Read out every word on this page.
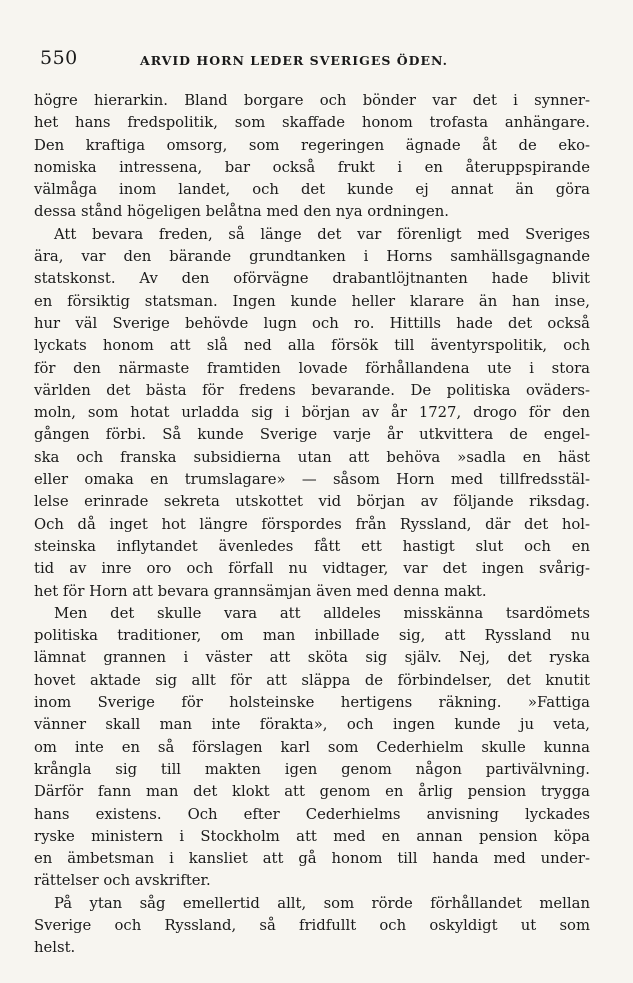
550	ARVID HORN LEDER SVERIGES ÖDEN.
högre hierarkin. Bland borgare och bönder var det i synner-
het hans fredspolitik, som skaffade honom trofasta anhängare.
Den kraftiga omsorg, som regeringen ägnade åt de eko-
nomiska intressena, bar också frukt i en återuppspirande
välmåga inom landet, och det kunde ej annat än göra
dessa stånd högeligen belåtna med den nya ordningen.
Att bevara freden, så länge det var förenligt med Sveriges
ära, var den bärande grundtanken i Horns samhällsgagnande
statskonst. Av den oförvägne drabantlöjtnanten hade blivit
en försiktig statsman. Ingen kunde heller klarare än han inse,
hur väl Sverige behövde lugn och ro. Hittills hade det också
lyckats honom att slå ned alla försök till äventyrspolitik, och
för den närmaste framtiden lovade förhållandena ute i stora
världen det bästa för fredens bevarande. De politiska oväders-
moln, som hotat urladda sig i början av år 1727, drogo för den
gången förbi. Så kunde Sverige varje år utkvittera de engel-
ska och franska subsidierna utan att behöva »sadla en häst
eller omaka en trumslagare» — såsom Horn med tillfredsstäl-
lelse erinrade sekreta utskottet vid början av följande riksdag.
Och då inget hot längre förspordes från Ryssland, där det hol-
steinska inflytandet ävenledes fått ett hastigt slut och en
tid av inre oro och förfall nu vidtager, var det ingen svårig-
het för Horn att bevara grannsämjan även med denna makt.
Men det skulle vara att alldeles misskänna tsardömets
politiska traditioner, om man inbillade sig, att Ryssland nu
lämnat grannen i väster att sköta sig själv. Nej, det ryska
hovet aktade sig allt för att släppa de förbindelser, det knutit
inom Sverige för holsteinske hertigens räkning. »Fattiga
vänner skall man inte förakta», och ingen kunde ju veta,
om inte en så förslagen karl som Cederhielm skulle kunna
krångla sig till makten igen genom någon partivälvning.
Därför fann man det klokt att genom en årlig pension trygga
hans existens. Och efter Cederhielms anvisning lyckades
ryske ministern i Stockholm att med en annan pension köpa
en ämbetsman i kansliet att gå honom till handa med under-
rättelser och avskrifter.
På ytan såg emellertid allt, som rörde förhållandet mellan
Sverige och Ryssland, så fridfullt och oskyldigt ut som
helst.
